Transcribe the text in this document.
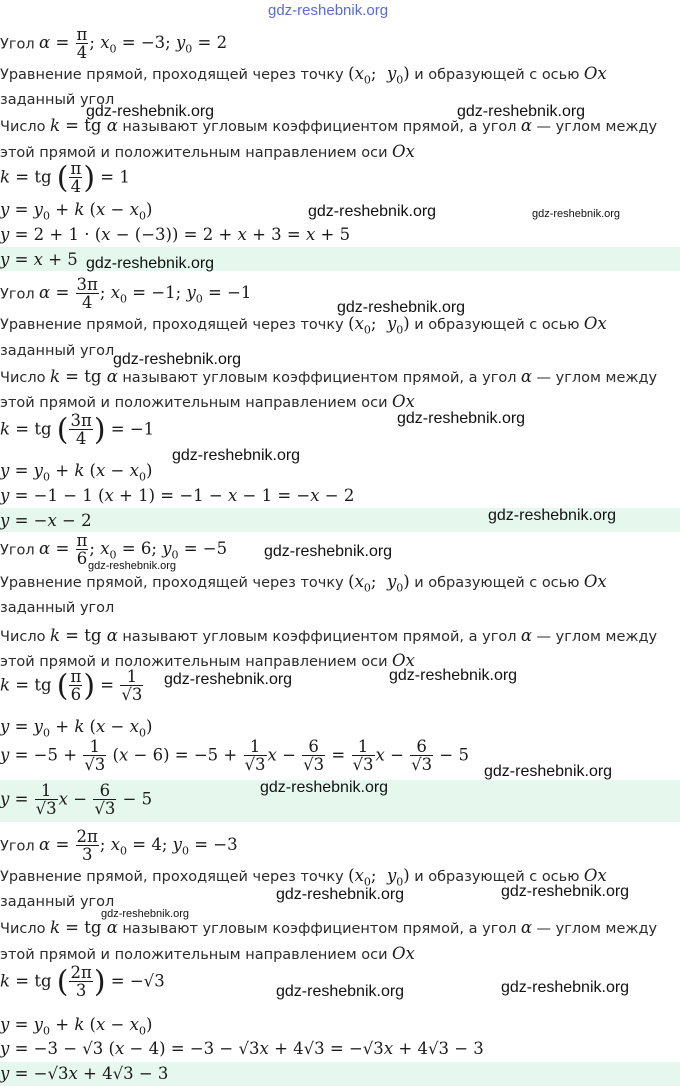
gdz-reshebnik.org
Угол $\alpha = \frac{\pi}{4}$ ; $x_0 = -3$; $y_0 = 2$
Уравнение прямой, проходящей через точку ($x_0$;  $y_0$) и образующей с осью Ox
заданный угол
Число k = tg α называют угловым коэффициентом прямой, а угол α — углом между
этой прямой и положительным направлением оси Ox
k = tg ( $\frac{\pi}{4}$ ) = 1
$y = y_0 + k$ $(x - x_0)$
y = 2 + 1 · (x − (−3)) = 2 + x + 3 = x + 5
y = x + 5
Угол $\alpha = \frac{3\pi}{4}$ ; $x_0 = -1$; $y_0 = -1$
Уравнение прямой, проходящей через точку ($x_0$;  $y_0$) и образующей с осью Ox
заданный угол
Число k = tg α называют угловым коэффициентом прямой, а угол α — углом между
этой прямой и положительным направлением оси Ox
k = tg ( $\frac{3\pi}{4}$ ) = −1
$y = y_0 + k$ $(x - x_0)$
y = −1 − 1 (x + 1) = −1 − x − 1 = −x − 2
y = −x − 2
Угол $\alpha = \frac{\pi}{6}$ ; $x_0 = 6$; $y_0 = -5$
Уравнение прямой, проходящей через точку ($x_0$;  $y_0$) и образующей с осью Ox
заданный угол
Число k = tg α называют угловым коэффициентом прямой, а угол α — углом между
этой прямой и положительным направлением оси Ox
k = tg ( $\frac{\pi}{6}$ ) = $\frac{1}{√3}$
$y = y_0 + k$ $(x - x_0)$
$y = -5 + \frac{1}{√3} (x - 6) = -5 + \frac{1}{√3}$ $x - \frac{6}{√3} = \frac{1}{√3}$ $x - \frac{6}{√3} - 5$
$y = \frac{1}{√3}$ $x - \frac{6}{√3} - 5$
Угол $\alpha = \frac{2\pi}{3}$ ; $x_0 = 4$; $y_0 = -3$
Уравнение прямой, проходящей через точку ($x_0$;  $y_0$) и образующей с осью Ox
заданный угол
Число k = tg α называют угловым коэффициентом прямой, а угол α — углом между
этой прямой и положительным направлением оси Ox
k = tg ( $\frac{2\pi}{3}$ ) = −√3
$y = y_0 + k$ $(x - x_0)$
y = −3 − √3 (x − 4) = −3 − √3x + 4√3 = −√3x + 4√3 − 3
y = −√3x + 4√3 − 3
gdz-reshebnik.org	gdz-reshebnik.org
gdz-reshebnik.org	gdz-reshebnik.org
gdz-reshebnik.org
gdz-reshebnik.org
gdz-reshebnik.org
gdz-reshebnik.org
gdz-reshebnik.org
gdz-reshebnik.org
gdz-reshebnik.org
gdz-reshebnik.org
gdz-reshebnik.org	gdz-reshebnik.org
gdz-reshebnik.org
gdz-reshebnik.org
gdz-reshebnik.org	gdz-reshebnik.org
gdz-reshebnik.org
gdz-reshebnik.org	gdz-reshebnik.org
